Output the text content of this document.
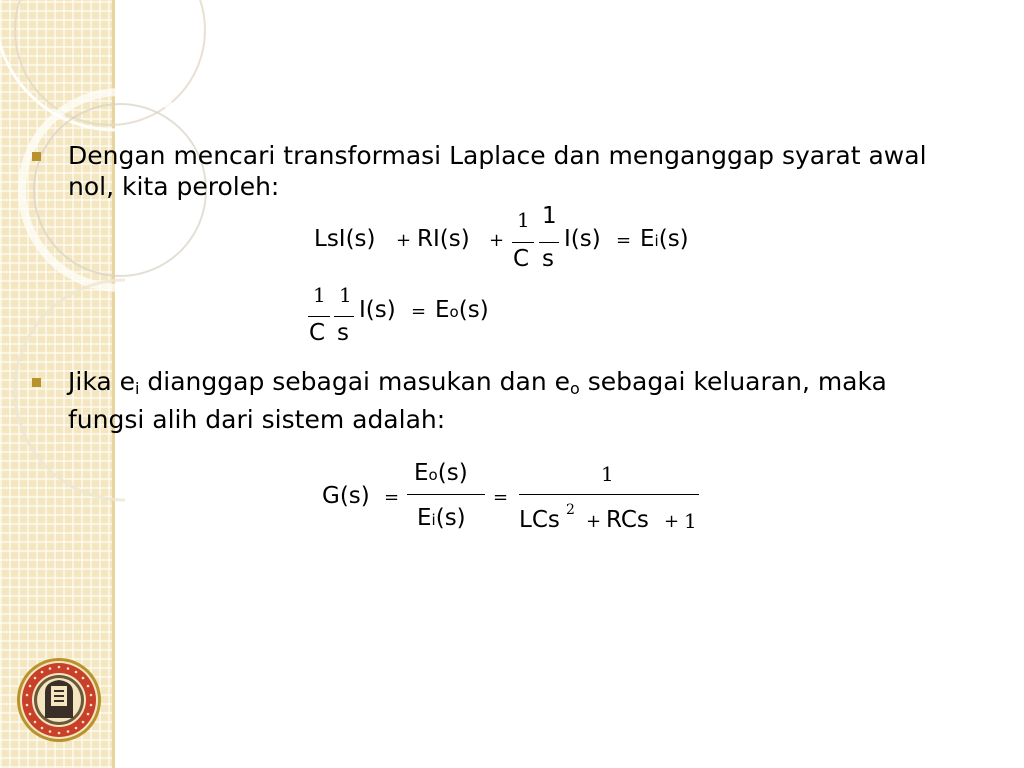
Dengan mencari transformasi Laplace dan menganggap syarat awal nol, kita peroleh:
LsI(s) + RI(s) +
1
C
1
s
I(s) = Ei(s)
1
C
1
s
I(s) = Eo(s)
Jika $e_i$ dianggap sebagai masukan dan $e_o$ sebagai keluaran, maka fungsi alih dari sistem adalah:
G(s) =
Eo(s)
Ei(s)
=
1
LCs 2
+ RCs + 1
